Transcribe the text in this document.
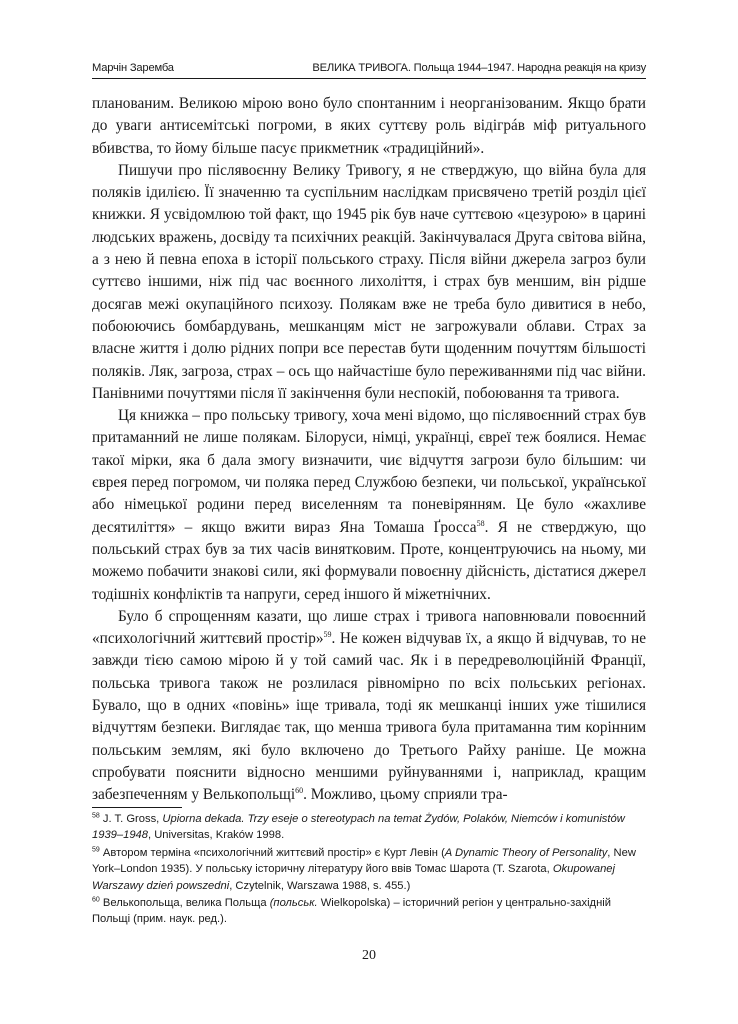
Марчін Заремба	ВЕЛИКА ТРИВОГА. Польща 1944–1947. Народна реакція на кризу

планованим. Великою мірою воно було спонтанним і неорганізованим. Якщо брати до уваги антисемітські погроми, в яких суттєву роль відігрáв міф ритуального вбивства, то йому більше пасує прикметник «традиційний».

Пишучи про післявоєнну Велику Тривогу, я не стверджую, що війна була для поляків ідилією. Її значенню та суспільним наслідкам присвячено третій розділ цієї книжки. Я усвідомлюю той факт, що 1945 рік був наче суттєвою «цезурою» в царині людських вражень, досвіду та психічних реакцій. Закінчувалася Друга світова війна, а з нею й певна епоха в історії польського страху. Після війни джерела загроз були суттєво іншими, ніж під час воєнного лихоліття, і страх був меншим, він рідше досягав межі окупаційного психозу. Полякам вже не треба було дивитися в небо, побоюючись бомбардувань, мешканцям міст не загрожували облави. Страх за власне життя і долю рідних попри все перестав бути щоденним почуттям більшості поляків. Ляк, загроза, страх – ось що найчастіше було переживаннями під час війни. Панівними почуттями після її закінчення були неспокій, побоювання та тривога.

Ця книжка – про польську тривогу, хоча мені відомо, що післявоєнний страх був притаманний не лише полякам. Білоруси, німці, українці, євреї теж боялися. Немає такої мірки, яка б дала змогу визначити, чиє відчуття загрози було більшим: чи єврея перед погромом, чи поляка перед Службою безпеки, чи польської, української або німецької родини перед виселенням та поневірянням. Це було «жахливе десятиліття» – якщо вжити вираз Яна Томаша Ґросса$^{58}$. Я не стверджую, що польський страх був за тих часів винятковим. Проте, концентруючись на ньому, ми можемо побачити знакові сили, які формували повоєнну дійсність, дістатися джерел тодішніх конфліктів та напруги, серед іншого й міжетнічних.

Було б спрощенням казати, що лише страх і тривога наповнювали повоєнний «психологічний життєвий простір»$^{59}$. Не кожен відчував їх, а якщо й відчував, то не завжди тією самою мірою й у той самий час. Як і в передреволюційній Франції, польська тривога також не розлилася рівномірно по всіх польських регіонах. Бувало, що в одних «повінь» іще тривала, тоді як мешканці інших уже тішилися відчуттям безпеки. Виглядає так, що менша тривога була притаманна тим корінним польським землям, які було включено до Третього Райху раніше. Це можна спробувати пояснити відносно меншими руйнуваннями і, наприклад, кращим забезпеченням у Велькопольщі$^{60}$. Можливо, цьому сприяли тра-

$^{58}$ J. T. Gross, Upiorna dekada. Trzy eseje o stereotypach na temat Żydów, Polaków, Niemców i komunistów 1939–1948, Universitas, Kraków 1998.

$^{59}$ Автором терміна «психологічний життєвий простір» є Курт Левін (A Dynamic Theory of Personality, New York–London 1935). У польську історичну літературу його ввів Томас Шарота (T. Szarota, Okupowanej Warszawy dzień powszedni, Czytelnik, Warszawa 1988, s. 455.)

$^{60}$ Велькопольща, велика Польща (польськ. Wielkopolska) – історичний регіон у центрально-західній Польщі (прим. наук. ред.).

20
